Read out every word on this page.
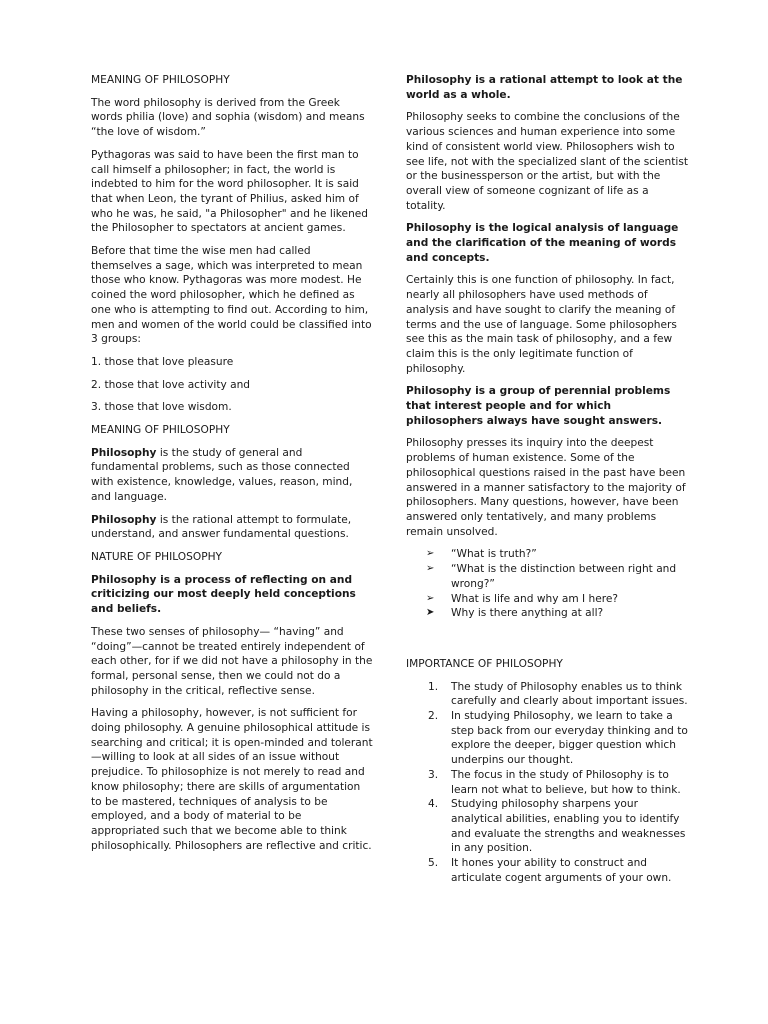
MEANING OF PHILOSOPHY

The word philosophy is derived from the Greek words philia (love) and sophia (wisdom) and means “the love of wisdom.”

Pythagoras was said to have been the first man to call himself a philosopher; in fact, the world is indebted to him for the word philosopher. It is said that when Leon, the tyrant of Philius, asked him of who he was, he said, "a Philosopher" and he likened the Philosopher to spectators at ancient games.

Before that time the wise men had called themselves a sage, which was interpreted to mean those who know. Pythagoras was more modest. He coined the word philosopher, which he defined as one who is attempting to find out. According to him, men and women of the world could be classified into 3 groups:

1. those that love pleasure

2. those that love activity and

3. those that love wisdom.

MEANING OF PHILOSOPHY

Philosophy is the study of general and fundamental problems, such as those connected with existence, knowledge, values, reason, mind, and language.

Philosophy is the rational attempt to formulate, understand, and answer fundamental questions.

NATURE OF PHILOSOPHY

Philosophy is a process of reflecting on and criticizing our most deeply held conceptions and beliefs.

These two senses of philosophy— “having” and “doing”—cannot be treated entirely independent of each other, for if we did not have a philosophy in the formal, personal sense, then we could not do a philosophy in the critical, reflective sense.

Having a philosophy, however, is not sufficient for doing philosophy. A genuine philosophical attitude is searching and critical; it is open-minded and tolerant—willing to look at all sides of an issue without prejudice. To philosophize is not merely to read and know philosophy; there are skills of argumentation to be mastered, techniques of analysis to be employed, and a body of material to be appropriated such that we become able to think philosophically. Philosophers are reflective and critic.

Philosophy is a rational attempt to look at the world as a whole.

Philosophy seeks to combine the conclusions of the various sciences and human experience into some kind of consistent world view. Philosophers wish to see life, not with the specialized slant of the scientist or the businessperson or the artist, but with the overall view of someone cognizant of life as a totality.

Philosophy is the logical analysis of language and the clarification of the meaning of words and concepts.

Certainly this is one function of philosophy. In fact, nearly all philosophers have used methods of analysis and have sought to clarify the meaning of terms and the use of language. Some philosophers see this as the main task of philosophy, and a few claim this is the only legitimate function of philosophy.

Philosophy is a group of perennial problems that interest people and for which philosophers always have sought answers.

Philosophy presses its inquiry into the deepest problems of human existence. Some of the philosophical questions raised in the past have been answered in a manner satisfactory to the majority of philosophers. Many questions, however, have been answered only tentatively, and many problems remain unsolved.

➢	“What is truth?”
➢	“What is the distinction between right and wrong?”
➢	What is life and why am I here?
➤	Why is there anything at all?

IMPORTANCE OF PHILOSOPHY

1. The study of Philosophy enables us to think carefully and clearly about important issues.
2. In studying Philosophy, we learn to take a step back from our everyday thinking and to explore the deeper, bigger question which underpins our thought.
3. The focus in the study of Philosophy is to learn not what to believe, but how to think.
4. Studying philosophy sharpens your analytical abilities, enabling you to identify and evaluate the strengths and weaknesses in any position.
5. It hones your ability to construct and articulate cogent arguments of your own.
